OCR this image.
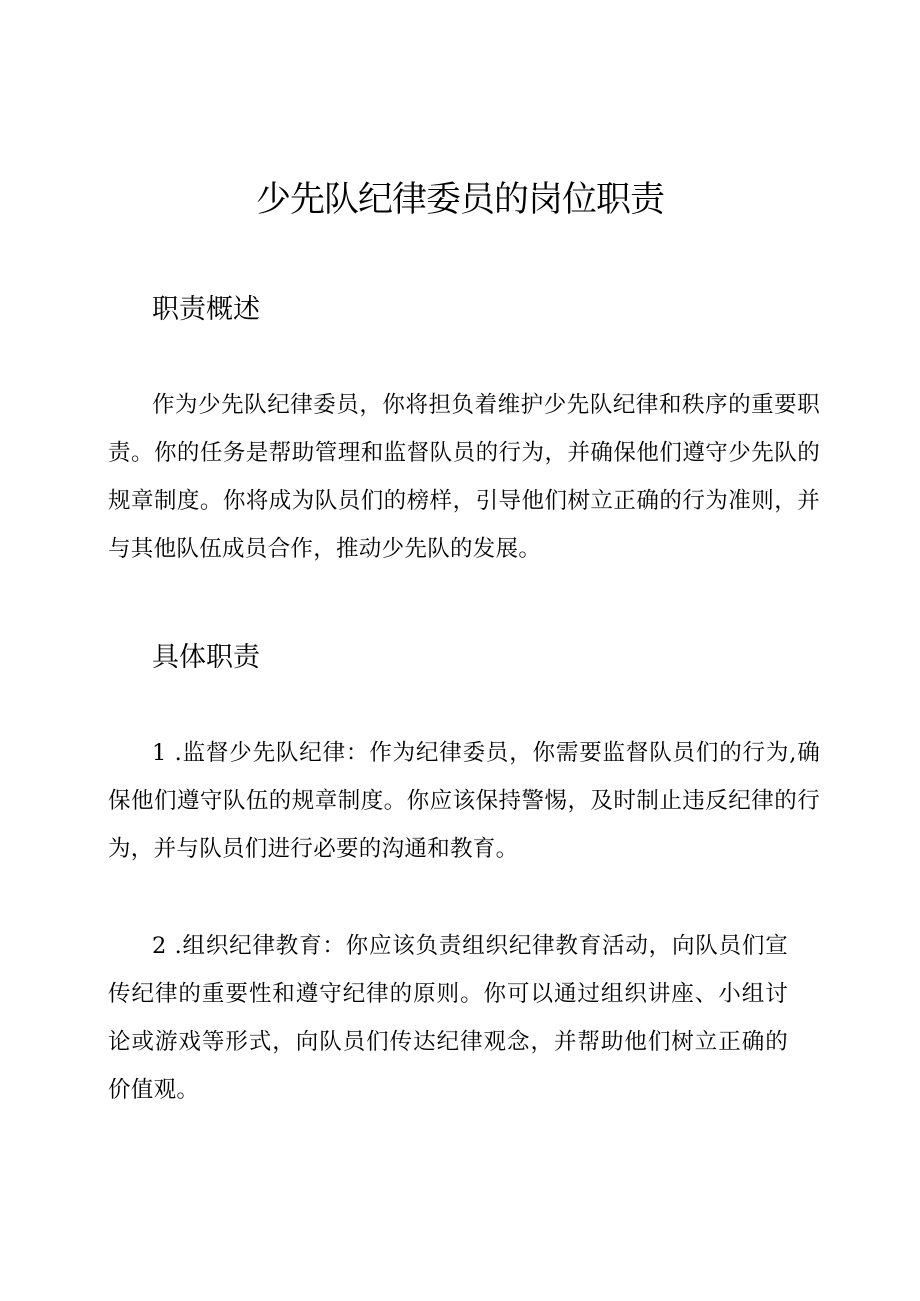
少先队纪律委员的岗位职责
职责概述

作为少先队纪律委员，你将担负着维护少先队纪律和秩序的重要职责。你的任务是帮助管理和监督队员的行为，并确保他们遵守少先队的规章制度。你将成为队员们的榜样，引导他们树立正确的行为准则，并与其他队伍成员合作，推动少先队的发展。

具体职责

1 .监督少先队纪律：作为纪律委员，你需要监督队员们的行为,确保他们遵守队伍的规章制度。你应该保持警惕，及时制止违反纪律的行为，并与队员们进行必要的沟通和教育。

2 .组织纪律教育：你应该负责组织纪律教育活动，向队员们宣传纪律的重要性和遵守纪律的原则。你可以通过组织讲座、小组讨论或游戏等形式，向队员们传达纪律观念，并帮助他们树立正确的价值观。
